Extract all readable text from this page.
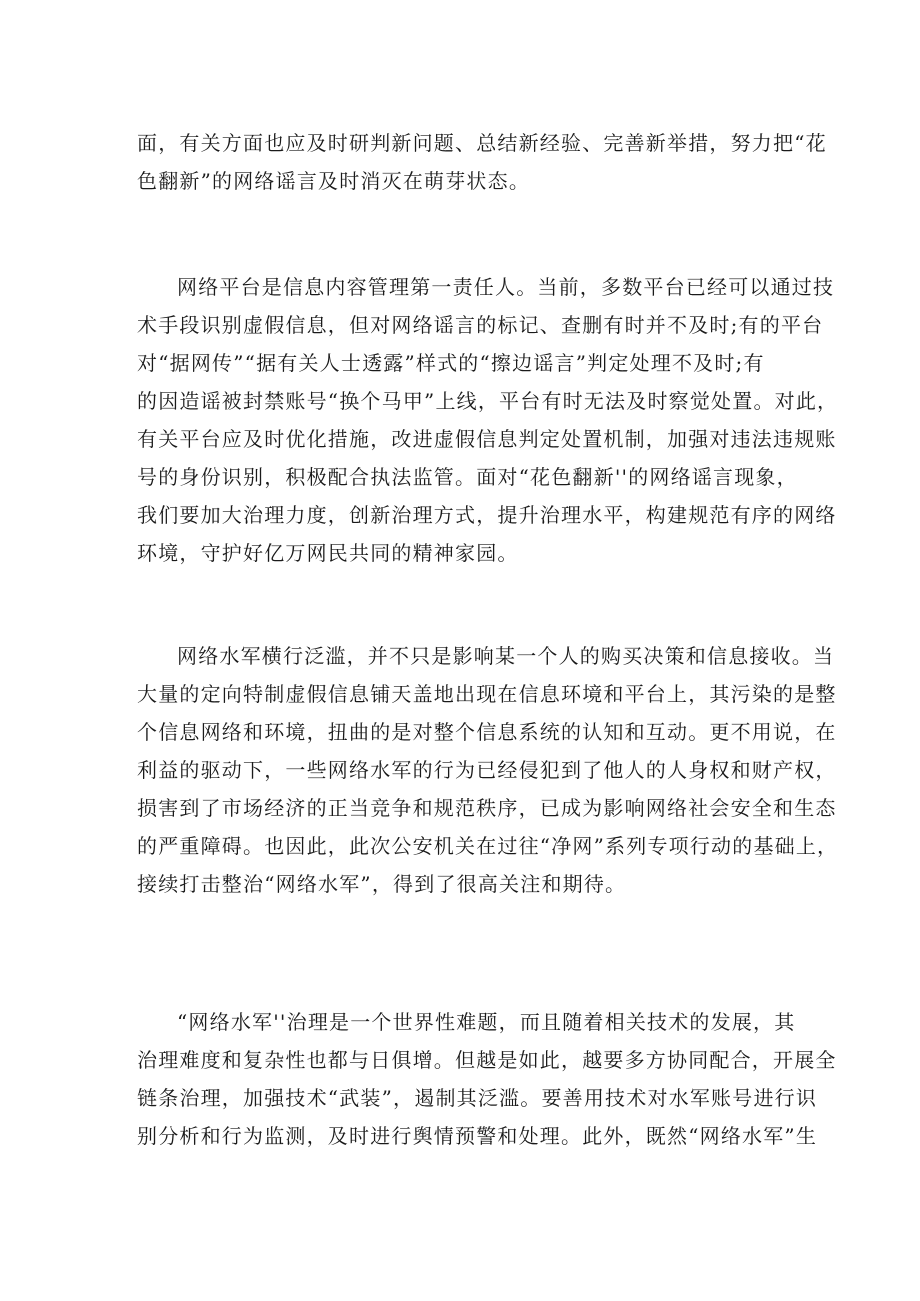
面，有关方面也应及时研判新问题、总结新经验、完善新举措，努力把“花
色翻新”的网络谣言及时消灭在萌芽状态。

网络平台是信息内容管理第一责任人。当前，多数平台已经可以通过技
术手段识别虚假信息，但对网络谣言的标记、查删有时并不及时;有的平台
对“据网传”“据有关人士透露”样式的“擦边谣言”判定处理不及时;有
的因造谣被封禁账号“换个马甲”上线，平台有时无法及时察觉处置。对此，
有关平台应及时优化措施，改进虚假信息判定处置机制，加强对违法违规账
号的身份识别，积极配合执法监管。面对“花色翻新''的网络谣言现象，
我们要加大治理力度，创新治理方式，提升治理水平，构建规范有序的网络
环境，守护好亿万网民共同的精神家园。

网络水军横行泛滥，并不只是影响某一个人的购买决策和信息接收。当
大量的定向特制虚假信息铺天盖地出现在信息环境和平台上，其污染的是整
个信息网络和环境，扭曲的是对整个信息系统的认知和互动。更不用说，在
利益的驱动下，一些网络水军的行为已经侵犯到了他人的人身权和财产权，
损害到了市场经济的正当竞争和规范秩序，已成为影响网络社会安全和生态
的严重障碍。也因此，此次公安机关在过往“净网”系列专项行动的基础上，
接续打击整治“网络水军”，得到了很高关注和期待。

“网络水军''治理是一个世界性难题，而且随着相关技术的发展，其
治理难度和复杂性也都与日俱增。但越是如此，越要多方协同配合，开展全
链条治理，加强技术“武装”，遏制其泛滥。要善用技术对水军账号进行识
别分析和行为监测，及时进行舆情预警和处理。此外，既然“网络水军”生
